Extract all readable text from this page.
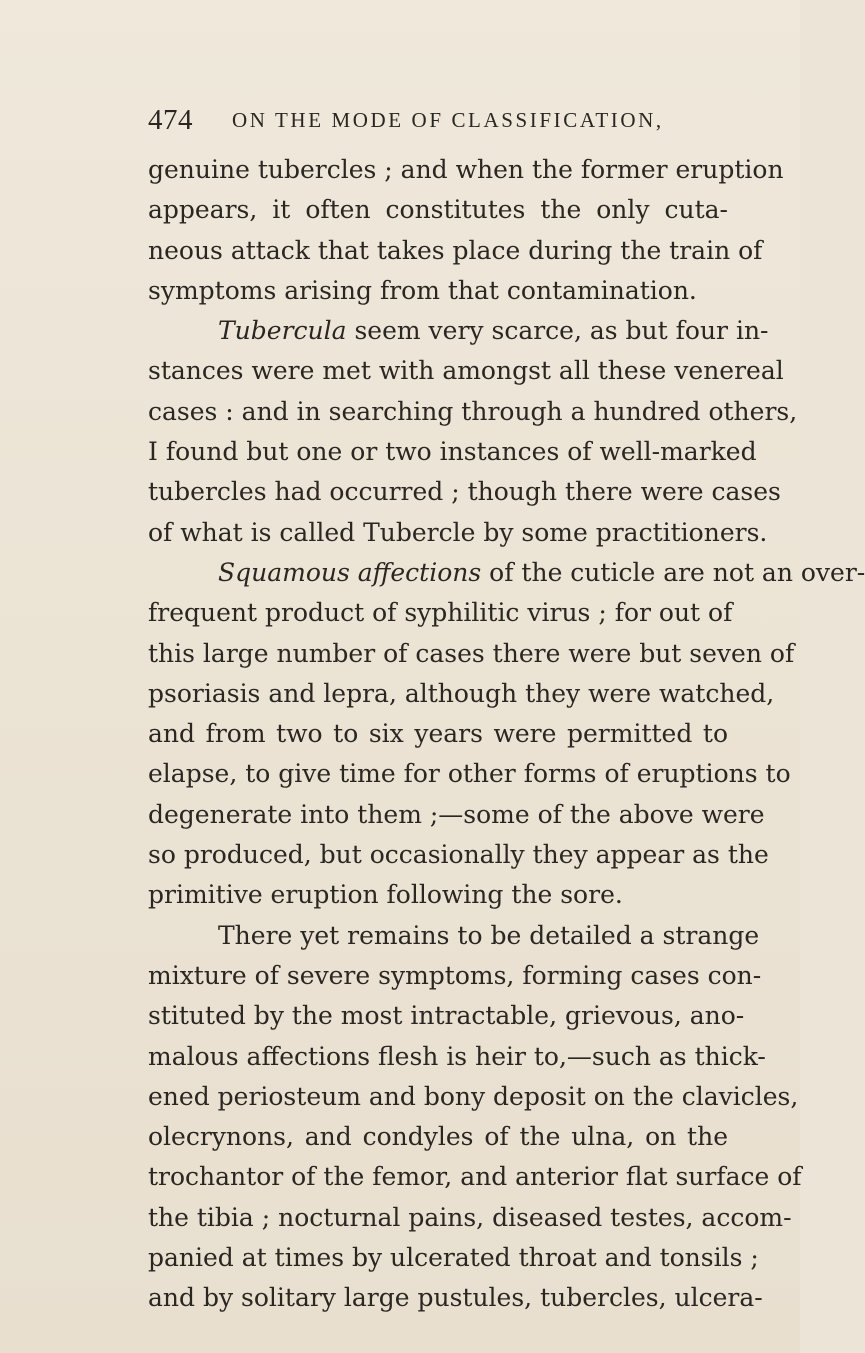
474 ON THE MODE OF CLASSIFICATION,
genuine tubercles ; and when the former eruption
appears, it often constitutes the only cuta-
neous attack that takes place during the train of
symptoms arising from that contamination.
Tubercula seem very scarce, as but four in-
stances were met with amongst all these venereal
cases : and in searching through a hundred others,
I found but one or two instances of well-marked
tubercles had occurred ; though there were cases
of what is called Tubercle by some practitioners.
Squamous affections of the cuticle are not an over-
frequent product of syphilitic virus ; for out of
this large number of cases there were but seven of
psoriasis and lepra, although they were watched,
and from two to six years were permitted to
elapse, to give time for other forms of eruptions to
degenerate into them ;—some of the above were
so produced, but occasionally they appear as the
primitive eruption following the sore.
There yet remains to be detailed a strange
mixture of severe symptoms, forming cases con-
stituted by the most intractable, grievous, ano-
malous affections flesh is heir to,—such as thick-
ened periosteum and bony deposit on the clavicles,
olecrynons, and condyles of the ulna, on the
trochantor of the femor, and anterior flat surface of
the tibia ; nocturnal pains, diseased testes, accom-
panied at times by ulcerated throat and tonsils ;
and by solitary large pustules, tubercles, ulcera-
